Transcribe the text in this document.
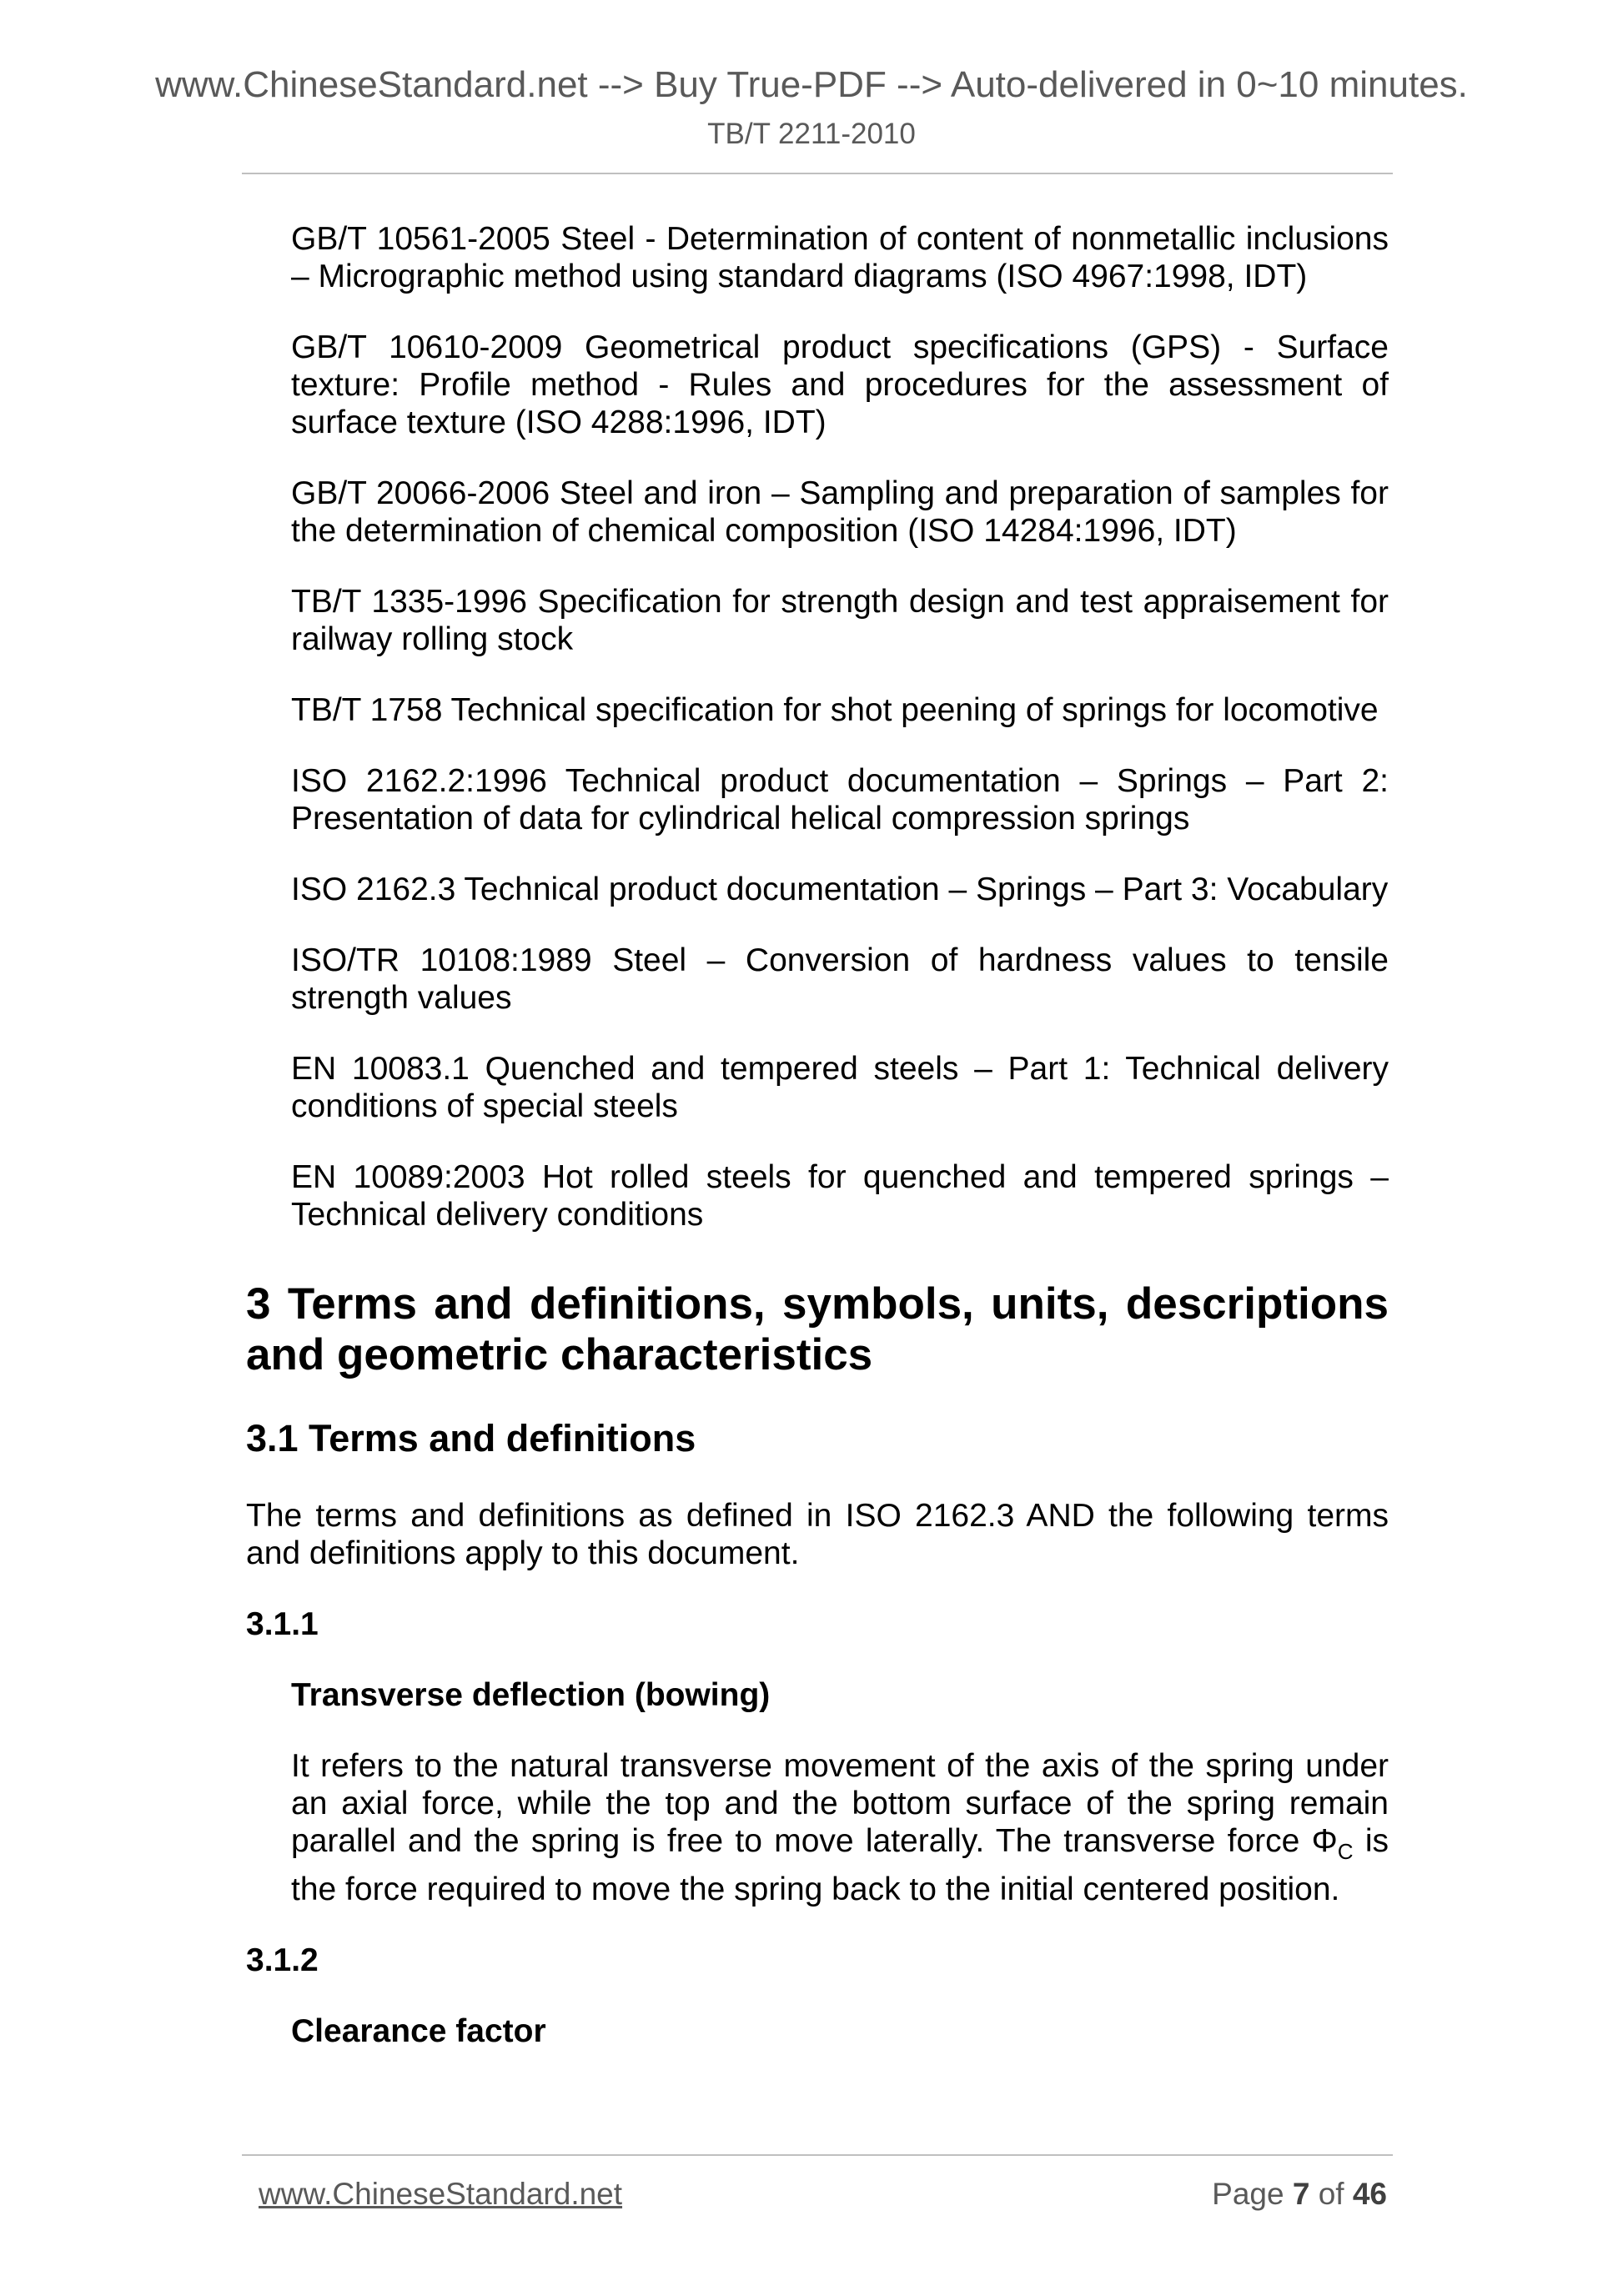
www.ChineseStandard.net --> Buy True-PDF --> Auto-delivered in 0~10 minutes.
TB/T 2211-2010

GB/T 10561-2005 Steel - Determination of content of nonmetallic inclusions – Micrographic method using standard diagrams (ISO 4967:1998, IDT)

GB/T 10610-2009 Geometrical product specifications (GPS) - Surface texture: Profile method - Rules and procedures for the assessment of surface texture (ISO 4288:1996, IDT)

GB/T 20066-2006 Steel and iron – Sampling and preparation of samples for the determination of chemical composition (ISO 14284:1996, IDT)

TB/T 1335-1996 Specification for strength design and test appraisement for railway rolling stock

TB/T 1758 Technical specification for shot peening of springs for locomotive

ISO 2162.2:1996 Technical product documentation – Springs – Part 2: Presentation of data for cylindrical helical compression springs

ISO 2162.3 Technical product documentation – Springs – Part 3: Vocabulary

ISO/TR 10108:1989 Steel – Conversion of hardness values to tensile strength values

EN 10083.1 Quenched and tempered steels – Part 1: Technical delivery conditions of special steels

EN 10089:2003 Hot rolled steels for quenched and tempered springs – Technical delivery conditions

3 Terms and definitions, symbols, units, descriptions and geometric characteristics
3.1 Terms and definitions

The terms and definitions as defined in ISO 2162.3 AND the following terms and definitions apply to this document.

3.1.1

Transverse deflection (bowing)

It refers to the natural transverse movement of the axis of the spring under an axial force, while the top and the bottom surface of the spring remain parallel and the spring is free to move laterally. The transverse force $\Phi_C$ is the force required to move the spring back to the initial centered position.

3.1.2

Clearance factor

www.ChineseStandard.net	Page 7 of 46
